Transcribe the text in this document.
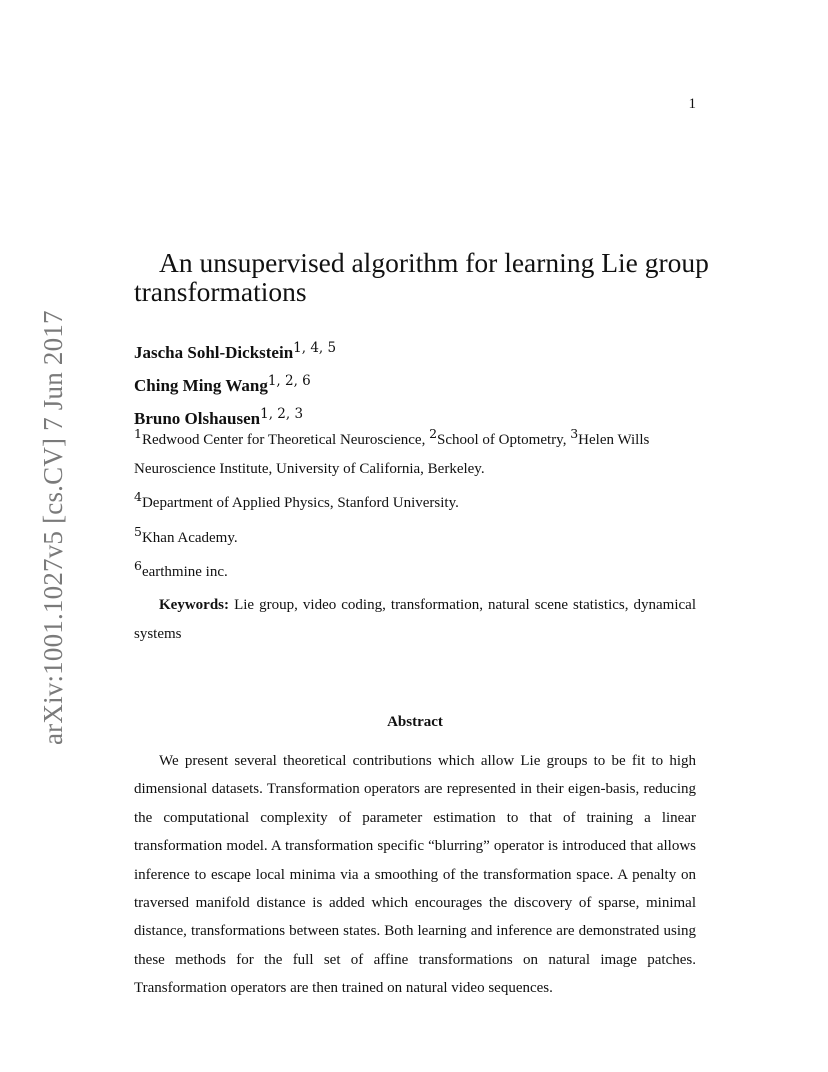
1
arXiv:1001.1027v5 [cs.CV] 7 Jun 2017
An unsupervised algorithm for learning Lie group transformations
Jascha Sohl-Dickstein$^{1, 4, 5}$
Ching Ming Wang$^{1, 2, 6}$
Bruno Olshausen$^{1, 2, 3}$
$^1$Redwood Center for Theoretical Neuroscience, $^2$School of Optometry, $^3$Helen Wills
Neuroscience Institute, University of California, Berkeley.
$^4$Department of Applied Physics, Stanford University.
$^5$Khan Academy.
$^6$earthmine inc.
Keywords: Lie group, video coding, transformation, natural scene statistics, dynamical systems
Abstract
We present several theoretical contributions which allow Lie groups to be fit to high dimensional datasets. Transformation operators are represented in their eigen-basis, reducing the computational complexity of parameter estimation to that of training a linear transformation model. A transformation specific “blurring” operator is introduced that allows inference to escape local minima via a smoothing of the transformation space. A penalty on traversed manifold distance is added which encourages the discovery of sparse, minimal distance, transformations between states. Both learning and inference are demonstrated using these methods for the full set of affine transformations on natural image patches. Transformation operators are then trained on natural video sequences.
